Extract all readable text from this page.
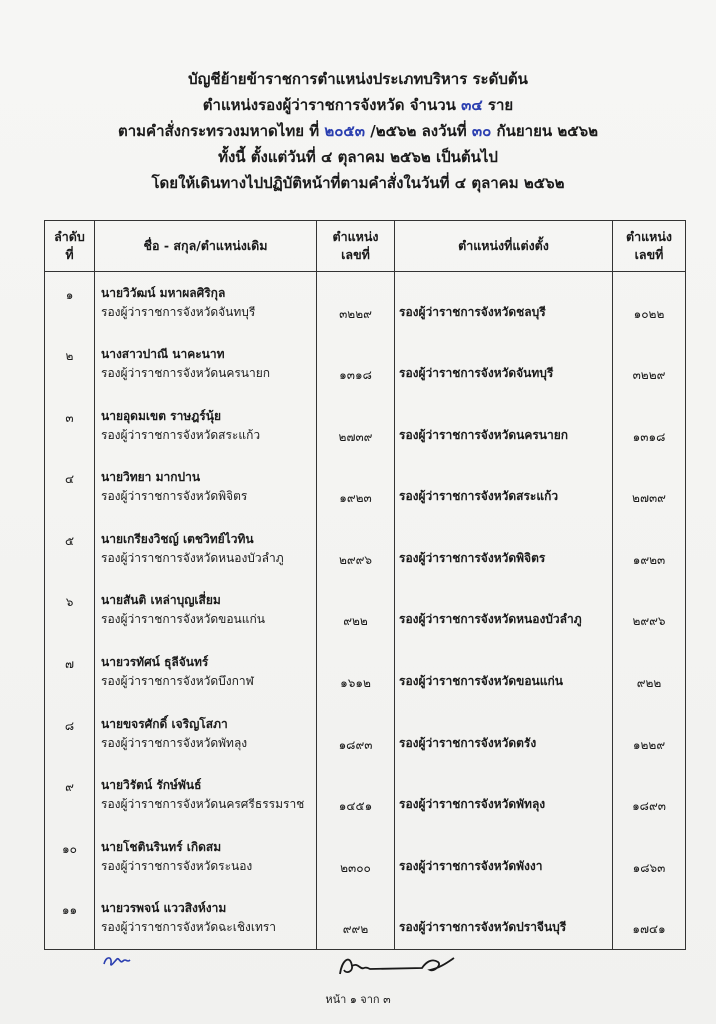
บัญชีย้ายข้าราชการตำแหน่งประเภทบริหาร ระดับต้น
ตำแหน่งรองผู้ว่าราชการจังหวัด จำนวน ๓๔ ราย
ตามคำสั่งกระทรวงมหาดไทย ที่ ๒๐๕๓ /๒๕๖๒ ลงวันที่ ๓๐ กันยายน ๒๕๖๒
ทั้งนี้ ตั้งแต่วันที่ ๔ ตุลาคม ๒๕๖๒ เป็นต้นไป
โดยให้เดินทางไปปฏิบัติหน้าที่ตามคำสั่งในวันที่ ๔ ตุลาคม ๒๕๖๒
ลำดับ
ที่	ชื่อ - สกุล/ตำแหน่งเดิม	ตำแหน่ง
เลขที่	ตำแหน่งที่แต่งตั้ง	ตำแหน่ง
เลขที่
๑	นายวิวัฒน์ มหาผลศิริกุล
รองผู้ว่าราชการจังหวัดจันทบุรี	๓๒๒๙	รองผู้ว่าราชการจังหวัดชลบุรี	๑๐๒๒
๒	นางสาวปาณี นาคะนาท
รองผู้ว่าราชการจังหวัดนครนายก	๑๓๑๘	รองผู้ว่าราชการจังหวัดจันทบุรี	๓๒๒๙
๓	นายอุดมเขต ราษฎร์นุ้ย
รองผู้ว่าราชการจังหวัดสระแก้ว	๒๗๓๙	รองผู้ว่าราชการจังหวัดนครนายก	๑๓๑๘
๔	นายวิทยา มากปาน
รองผู้ว่าราชการจังหวัดพิจิตร	๑๙๒๓	รองผู้ว่าราชการจังหวัดสระแก้ว	๒๗๓๙
๕	นายเกรียงวิชญ์ เตชวิทย์ไวทิน
รองผู้ว่าราชการจังหวัดหนองบัวลำภู	๒๙๙๖	รองผู้ว่าราชการจังหวัดพิจิตร	๑๙๒๓
๖	นายสันติ เหล่าบุญเสี่ยม
รองผู้ว่าราชการจังหวัดขอนแก่น	๙๒๒	รองผู้ว่าราชการจังหวัดหนองบัวลำภู	๒๙๙๖
๗	นายวรทัศน์ ธุลีจันทร์
รองผู้ว่าราชการจังหวัดบึงกาฬ	๑๖๑๒	รองผู้ว่าราชการจังหวัดขอนแก่น	๙๒๒
๘	นายขจรศักดิ์ เจริญโสภา
รองผู้ว่าราชการจังหวัดพัทลุง	๑๘๙๓	รองผู้ว่าราชการจังหวัดตรัง	๑๒๒๙
๙	นายวิรัตน์ รักษ์พันธ์
รองผู้ว่าราชการจังหวัดนครศรีธรรมราช	๑๔๕๑	รองผู้ว่าราชการจังหวัดพัทลุง	๑๘๙๓
๑๐	นายโชตินรินทร์ เกิดสม
รองผู้ว่าราชการจังหวัดระนอง	๒๓๐๐	รองผู้ว่าราชการจังหวัดพังงา	๑๘๖๓
๑๑	นายวรพจน์ แววสิงห์งาม
รองผู้ว่าราชการจังหวัดฉะเชิงเทรา	๙๙๒	รองผู้ว่าราชการจังหวัดปราจีนบุรี	๑๗๔๑
หน้า ๑ จาก ๓
